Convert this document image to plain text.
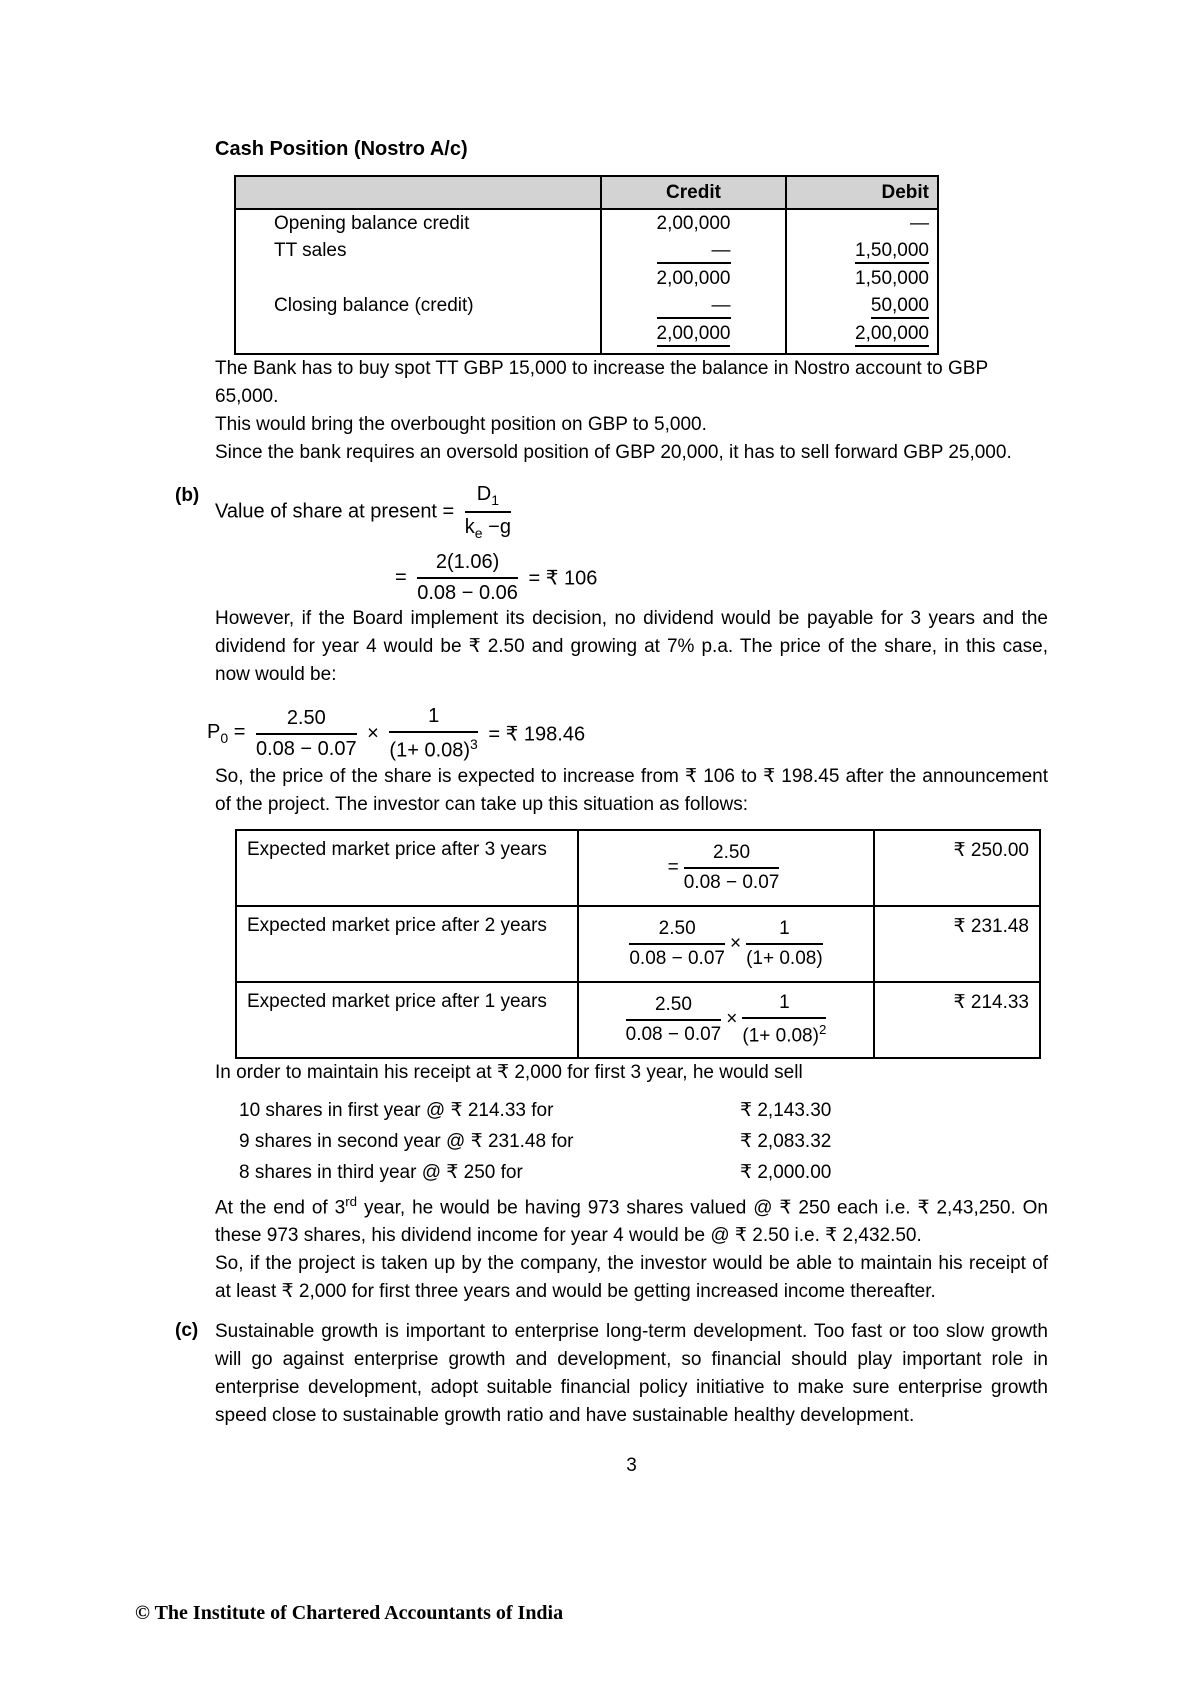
Cash Position (Nostro A/c)

	Credit	Debit
Opening balance credit	2,00,000	—
TT sales	—	1,50,000
	2,00,000	1,50,000
Closing balance (credit)	—	50,000
	2,00,000	2,00,000

The Bank has to buy spot TT GBP 15,000 to increase the balance in Nostro account to GBP 65,000.

This would bring the overbought position on GBP to 5,000.

Since the bank requires an oversold position of GBP 20,000, it has to sell forward GBP 25,000.

(b)
Value of share at present = $\frac{D_1}{k_e -g}$
= $\frac{2(1.06)}{0.08 - 0.06}$ = ₹ 106

However, if the Board implement its decision, no dividend would be payable for 3 years and the dividend for year 4 would be ₹ 2.50 and growing at 7% p.a. The price of the share, in this case, now would be:

$P_0 = \frac{2.50}{0.08 - 0.07} \times \frac{1}{(1+ 0.08)^3}$ = ₹ 198.46

So, the price of the share is expected to increase from ₹ 106 to ₹ 198.45 after the announcement of the project. The investor can take up this situation as follows:

Expected market price after 3 years	= $\frac{2.50}{0.08 - 0.07}$	₹ 250.00
Expected market price after 2 years	$\frac{2.50}{0.08 - 0.07} \times \frac{1}{(1+ 0.08)}$	₹ 231.48
Expected market price after 1 years	$\frac{2.50}{0.08 - 0.07} \times \frac{1}{(1+ 0.08)^2}$	₹ 214.33

In order to maintain his receipt at ₹ 2,000 for first 3 year, he would sell

10 shares in first year @ ₹ 214.33 for	₹ 2,143.30
9 shares in second year @ ₹ 231.48 for	₹ 2,083.32
8 shares in third year @ ₹ 250 for	₹ 2,000.00

At the end of 3rd year, he would be having 973 shares valued @ ₹ 250 each i.e. ₹ 2,43,250. On these 973 shares, his dividend income for year 4 would be @ ₹ 2.50 i.e. ₹ 2,432.50.

So, if the project is taken up by the company, the investor would be able to maintain his receipt of at least ₹ 2,000 for first three years and would be getting increased income thereafter.

(c) Sustainable growth is important to enterprise long-term development. Too fast or too slow growth will go against enterprise growth and development, so financial should play important role in enterprise development, adopt suitable financial policy initiative to make sure enterprise growth speed close to sustainable growth ratio and have sustainable healthy development.

3
© The Institute of Chartered Accountants of India
